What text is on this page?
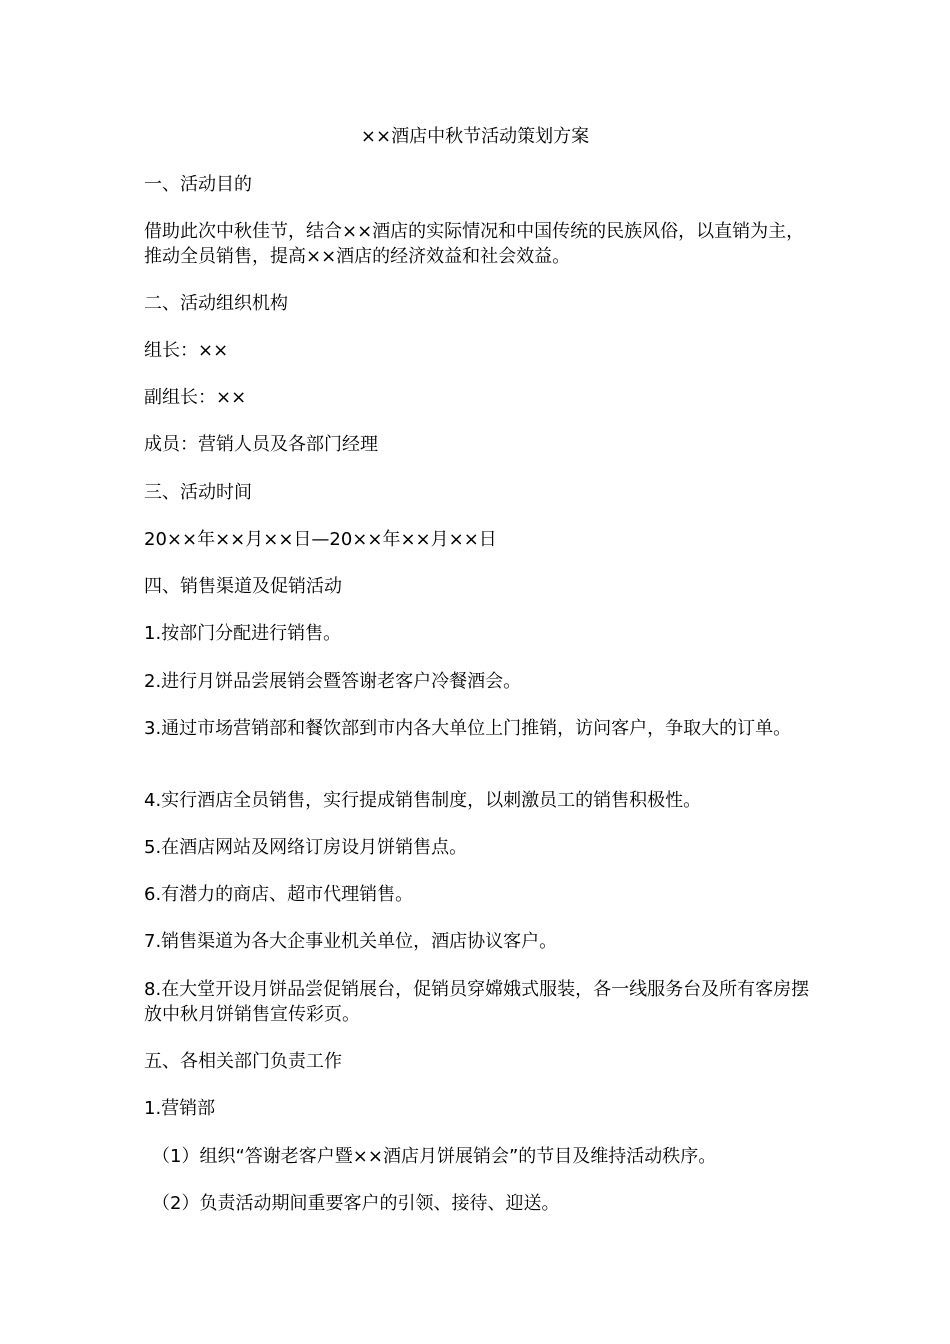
××酒店中秋节活动策划方案
一、活动目的
借助此次中秋佳节，结合××酒店的实际情况和中国传统的民族风俗，以直销为主，推动全员销售，提高××酒店的经济效益和社会效益。
二、活动组织机构
组长：××
副组长：××
成员：营销人员及各部门经理
三、活动时间
20××年××月××日—20××年××月××日
四、销售渠道及促销活动
1.按部门分配进行销售。
2.进行月饼品尝展销会暨答谢老客户冷餐酒会。
3.通过市场营销部和餐饮部到市内各大单位上门推销，访问客户，争取大的订单。
4.实行酒店全员销售，实行提成销售制度，以刺激员工的销售积极性。
5.在酒店网站及网络订房设月饼销售点。
6.有潜力的商店、超市代理销售。
7.销售渠道为各大企事业机关单位，酒店协议客户。
8.在大堂开设月饼品尝促销展台，促销员穿嫦娥式服装，各一线服务台及所有客房摆放中秋月饼销售宣传彩页。
五、各相关部门负责工作
1.营销部
（1）组织“答谢老客户暨××酒店月饼展销会”的节目及维持活动秩序。
（2）负责活动期间重要客户的引领、接待、迎送。
